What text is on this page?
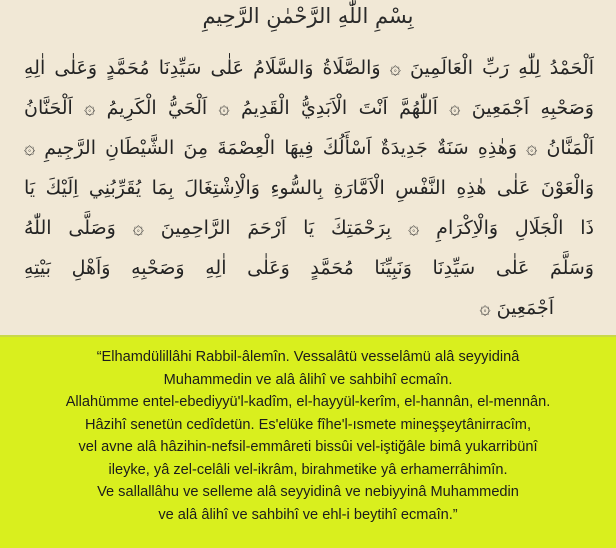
بِسْمِ اللّٰهِ الرَّحْمٰنِ الرَّحِيمِ
اَلْحَمْدُ لِلّٰهِ رَبِّ الْعَالَمِينَ ۞ وَالصَّلَاةُ وَالسَّلَامُ عَلٰى سَيِّدِنَا مُحَمَّدٍ وَعَلٰى اٰلِهِ
وَصَحْبِهِ اَجْمَعِينَ ۞ اَللّٰهُمَّ اَنْتَ الْاَبَدِيُّ الْقَدِيمُ ۞ اَلْحَيُّ الْكَرِيمُ ۞ اَلْحَنَّانُ
اَلْمَنَّانُ ۞ وَهٰذِهِ سَنَةٌ جَدِيدَةٌ اَسْأَلُكَ فِيهَا الْعِصْمَةَ مِنَ الشَّيْطَانِ الرَّجِيمِ ۞
وَالْعَوْنَ عَلٰى هٰذِهِ النَّفْسِ الْاَمَّارَةِ بِالسُّوءِ وَالْاِشْتِغَالَ بِمَا يُقَرِّبُنِي اِلَيْكَ يَا
ذَا الْجَلَالِ وَالْاِكْرَامِ ۞ بِرَحْمَتِكَ يَا اَرْحَمَ الرَّاحِمِينَ ۞ وَصَلَّى اللّٰهُ
وَسَلَّمَ عَلٰى سَيِّدِنَا وَنَبِيِّنَا مُحَمَّدٍ وَعَلٰى اٰلِهِ وَصَحْبِهِ وَاَهْلِ بَيْتِهِ
اَجْمَعِينَ ۞
“Elhamdülillâhi Rabbil-âlemîn. Vessalâtü vesselâmü alâ seyyidinâ
Muhammedin ve alâ âlihî ve sahbihî ecmaîn.
Allahümme entel-ebediyyü'l-kadîm, el-hayyül-kerîm, el-hannân, el-mennân.
Hâzihî senetün cedîdetün. Es'elüke fîhe'l-ısmete mineşşeytânirracîm,
vel avne alâ hâzihin-nefsil-emmâreti bissûi vel-iştiğâle bimâ yukarribünî
ileyke, yâ zel-celâli vel-ikrâm, birahmetike yâ erhamerrâhimîn.
Ve sallallâhu ve selleme alâ seyyidinâ ve nebiyyinâ Muhammedin
ve alâ âlihî ve sahbihî ve ehl-i beytihî ecmaîn.”
